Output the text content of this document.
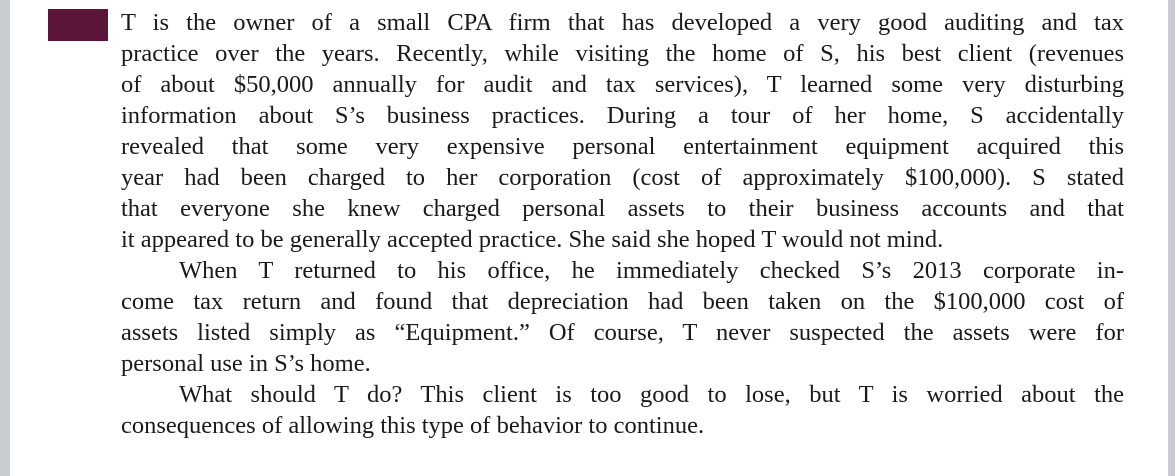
T is the owner of a small CPA firm that has developed a very good auditing and tax
practice over the years. Recently, while visiting the home of S, his best client (revenues
of about $50,000 annually for audit and tax services), T learned some very disturbing
information about S’s business practices. During a tour of her home, S accidentally
revealed that some very expensive personal entertainment equipment acquired this
year had been charged to her corporation (cost of approximately $100,000). S stated
that everyone she knew charged personal assets to their business accounts and that
it appeared to be generally accepted practice. She said she hoped T would not mind.
When T returned to his office, he immediately checked S’s 2013 corporate in-
come tax return and found that depreciation had been taken on the $100,000 cost of
assets listed simply as “Equipment.” Of course, T never suspected the assets were for
personal use in S’s home.
What should T do? This client is too good to lose, but T is worried about the
consequences of allowing this type of behavior to continue.
